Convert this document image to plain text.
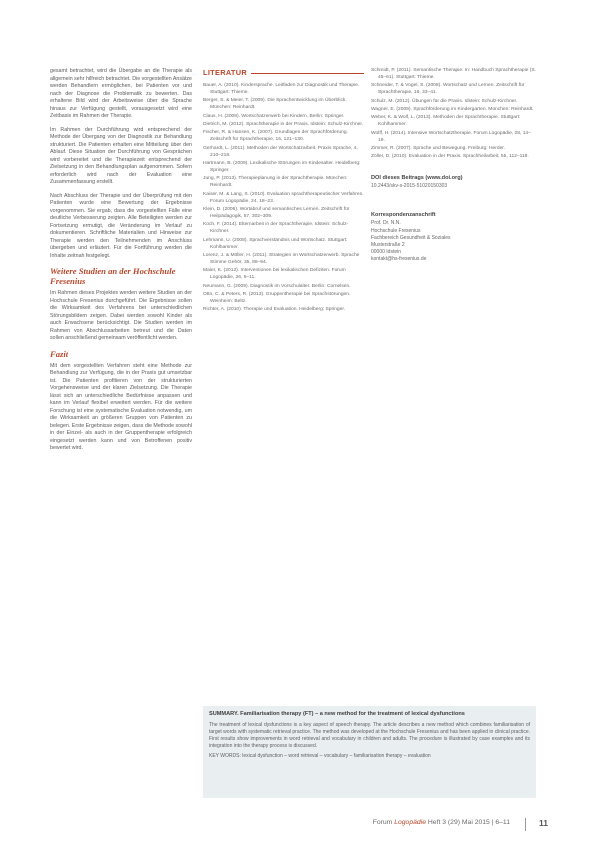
gesamt betrachtet, wird die Übergabe an die Therapie als allgemein sehr hilfreich betrachtet. Die vorgestellten Ansätze werden Behandlern ermöglichen, bei Patienten vor und nach der Diagnose die Problematik zu bewerten. Das erhaltene Bild wird der Arbeitsweise über die Sprache hinaus zur Verfügung gestellt, vorausgesetzt wird eine Zeitbasis im Rahmen der Therapie.

Im Rahmen der Durchführung wird entsprechend der Methode der Übergang von der Diagnostik zur Behandlung strukturiert. Die Patienten erhalten eine Mitteilung über den Ablauf. Diese Situation der Durchführung von Gesprächen wird vorbereitet und die Therapiezeit entsprechend der Zielsetzung in den Behandlungsplan aufgenommen. Sofern erforderlich wird nach der Evaluation eine Zusammenfassung erstellt.

Nach Abschluss der Therapie und der Überprüfung mit den Patienten wurde eine Bewertung der Ergebnisse vorgenommen. Sie ergab, dass die vorgestellten Fälle eine deutliche Verbesserung zeigten. Alle Beteiligten werden zur Fortsetzung ermutigt, die Veränderung im Verlauf zu dokumentieren. Schriftliche Materialien und Hinweise zur Therapie werden den Teilnehmenden im Anschluss übergeben und erläutert. Für die Fortführung werden die Inhalte zeitnah festgelegt.

Weitere Studien an der Hochschule Fresenius

Im Rahmen dieses Projektes werden weitere Studien an der Hochschule Fresenius durchgeführt. Die Ergebnisse sollen die Wirksamkeit des Verfahrens bei unterschiedlichen Störungsbildern zeigen. Dabei werden sowohl Kinder als auch Erwachsene berücksichtigt. Die Studien werden im Rahmen von Abschlussarbeiten betreut und die Daten sollen anschließend gemeinsam veröffentlicht werden.

Fazit

Mit dem vorgestellten Verfahren steht eine Methode zur Behandlung zur Verfügung, die in der Praxis gut umsetzbar ist. Die Patienten profitieren von der strukturierten Vorgehensweise und der klaren Zielsetzung. Die Therapie lässt sich an unterschiedliche Bedürfnisse anpassen und kann im Verlauf flexibel erweitert werden. Für die weitere Forschung ist eine systematische Evaluation notwendig, um die Wirksamkeit an größeren Gruppen von Patienten zu belegen. Erste Ergebnisse zeigen, dass die Methode sowohl in der Einzel- als auch in der Gruppentherapie erfolgreich eingesetzt werden kann und von Betroffenen positiv bewertet wird.

LITERATUR

Bauer, A. (2010). Kindersprache. Leitfaden zur Diagnostik und Therapie. Stuttgart: Thieme.

Berger, S. & Meier, T. (2009). Die Sprachentwicklung im Überblick. München: Reinhardt.

Claus, H. (2008). Wortschatzerwerb bei Kindern. Berlin: Springer.

Dietrich, M. (2012). Sprachtherapie in der Praxis. Idstein: Schulz-Kirchner.

Fischer, R. & Hansen, K. (2007). Grundlagen der Sprachförderung. Zeitschrift für Sprachtherapie, 15, 121–130.

Gerhardt, L. (2011). Methoden der Wortschatzarbeit. Praxis Sprache, 4, 210–218.

Hartmann, B. (2009). Lexikalische Störungen im Kindesalter. Heidelberg: Springer.

Jung, P. (2013). Therapieplanung in der Sprachtherapie. München: Reinhardt.

Kaiser, M. & Lang, S. (2010). Evaluation sprachtherapeutischer Verfahren. Forum Logopädie, 24, 18–23.

Klein, D. (2006). Wortabruf und semantisches Lernen. Zeitschrift für Heilpädagogik, 57, 302–309.

Koch, F. (2014). Elternarbeit in der Sprachtherapie. Idstein: Schulz-Kirchner.

Lehmann, U. (2008). Sprachverständnis und Wortschatz. Stuttgart: Kohlhammer.

Lorenz, J. & Möller, H. (2011). Strategien im Wortschatzerwerb. Sprache Stimme Gehör, 35, 88–94.

Maier, K. (2012). Interventionen bei lexikalischen Defiziten. Forum Logopädie, 26, 6–11.

Neumann, G. (2009). Diagnostik im Vorschulalter. Berlin: Cornelsen.

Otto, C. & Peters, R. (2013). Gruppentherapie bei Sprachstörungen. Weinheim: Beltz.

Richter, A. (2010). Therapie und Evaluation. Heidelberg: Springer.

Schmidt, P. (2011). Semantische Therapie. In: Handbuch Sprachtherapie (S. 45–61). Stuttgart: Thieme.

Schneider, T. & Vogel, S. (2008). Wortschatz und Lernen. Zeitschrift für Sprachtherapie, 16, 33–41.

Schulz, M. (2012). Übungen für die Praxis. Idstein: Schulz-Kirchner.

Wagner, E. (2009). Sprachförderung im Kindergarten. München: Reinhardt.

Weber, K. & Wolf, L. (2013). Methoden der Sprachtherapie. Stuttgart: Kohlhammer.

Wolff, H. (2014). Intensive Wortschatztherapie. Forum Logopädie, 28, 14–19.

Zimmer, R. (2007). Sprache und Bewegung. Freiburg: Herder.

Zöller, D. (2010). Evaluation in der Praxis. Sprachheilarbeit, 55, 112–118.

DOI dieses Beitrags (www.doi.org)
10.2443/skv-s-2015-51020150303
Korrespondenzanschrift
Prof. Dr. N.N.
Hochschule Fresenius
Fachbereich Gesundheit & Soziales
Musterstraße 2
00000 Idstein
kontakt@hs-fresenius.de
SUMMARY. Familiarisation therapy (FT) – a new method for the treatment of lexical dysfunctions
The treatment of lexical dysfunctions is a key aspect of speech therapy. The article describes a new method which combines familiarisation of target words with systematic retrieval practice. The method was developed at the Hochschule Fresenius and has been applied in clinical practice. First results show improvements in word retrieval and vocabulary in children and adults. The procedure is illustrated by case examples and its integration into the therapy process is discussed.
KEY WORDS: lexical dysfunction – word retrieval – vocabulary – familiarisation therapy – evaluation
Forum Logopädie Heft 3 (29) Mai 2015 | 6–11	11
